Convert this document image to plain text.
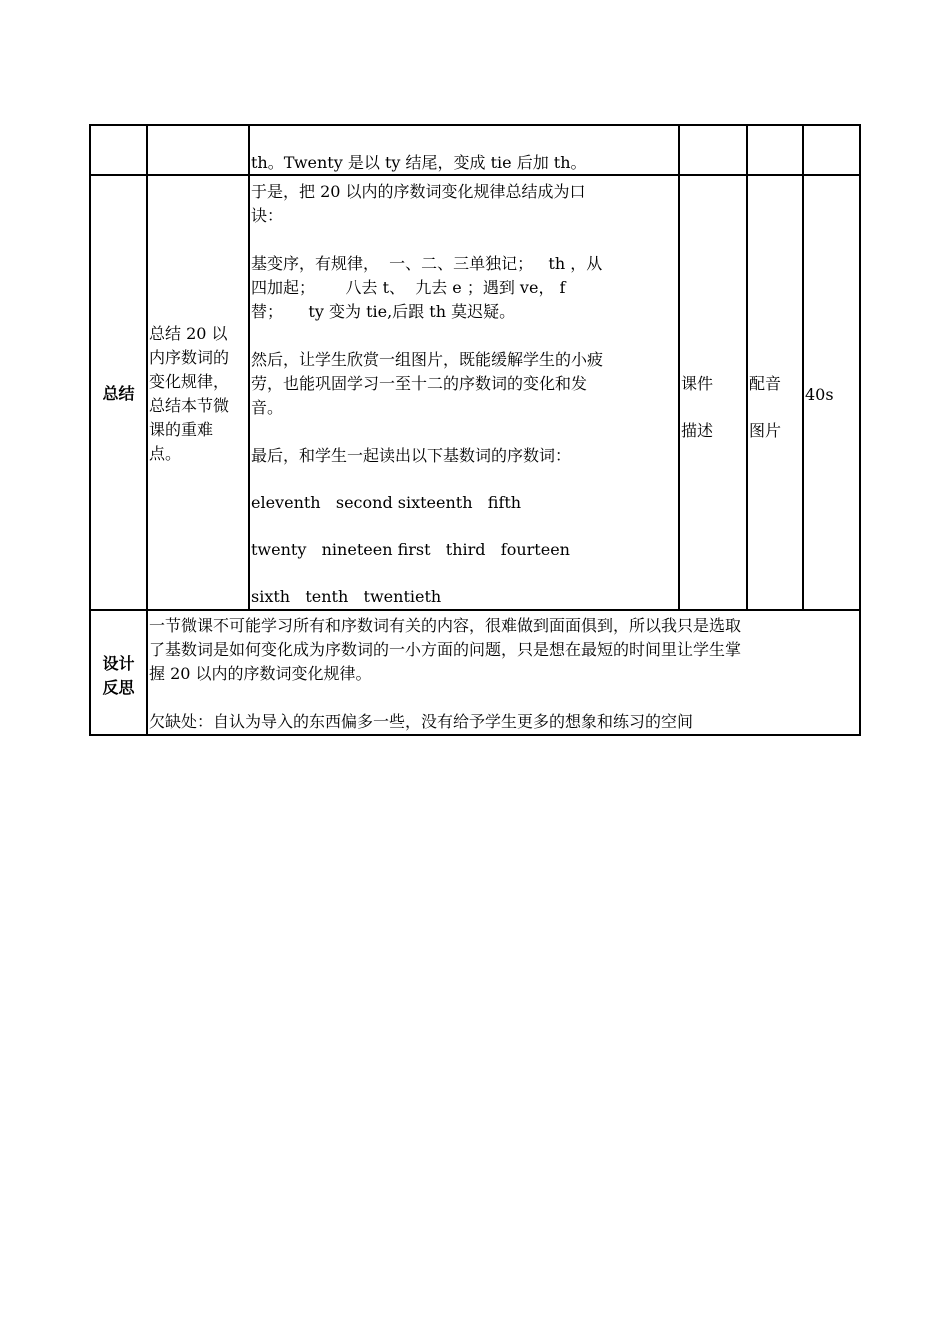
th。Twenty 是以 ty 结尾，变成 tie 后加 th。

总结

总结 20 以

内序数词的

变化规律，

总结本节微

课的重难

点。

于是，把 20 以内的序数词变化规律总结成为口

诀：

基变序，有规律，  一、二、三单独记；   th ，从

四加起；      八去 t、  九去 e ；遇到 ve， f

替；     ty 变为 tie,后跟 th 莫迟疑。

然后，让学生欣赏一组图片，既能缓解学生的小疲

劳，也能巩固学习一至十二的序数词的变化和发

音。

最后，和学生一起读出以下基数词的序数词：

eleventh   second sixteenth   fifth

twenty   nineteen first   third   fourteen

sixth   tenth   twentieth

课件

描述

配音

图片

40s

设计

反思

一节微课不可能学习所有和序数词有关的内容，很难做到面面俱到，所以我只是选取

了基数词是如何变化成为序数词的一小方面的问题，只是想在最短的时间里让学生掌

握 20 以内的序数词变化规律。

欠缺处：自认为导入的东西偏多一些，没有给予学生更多的想象和练习的空间
